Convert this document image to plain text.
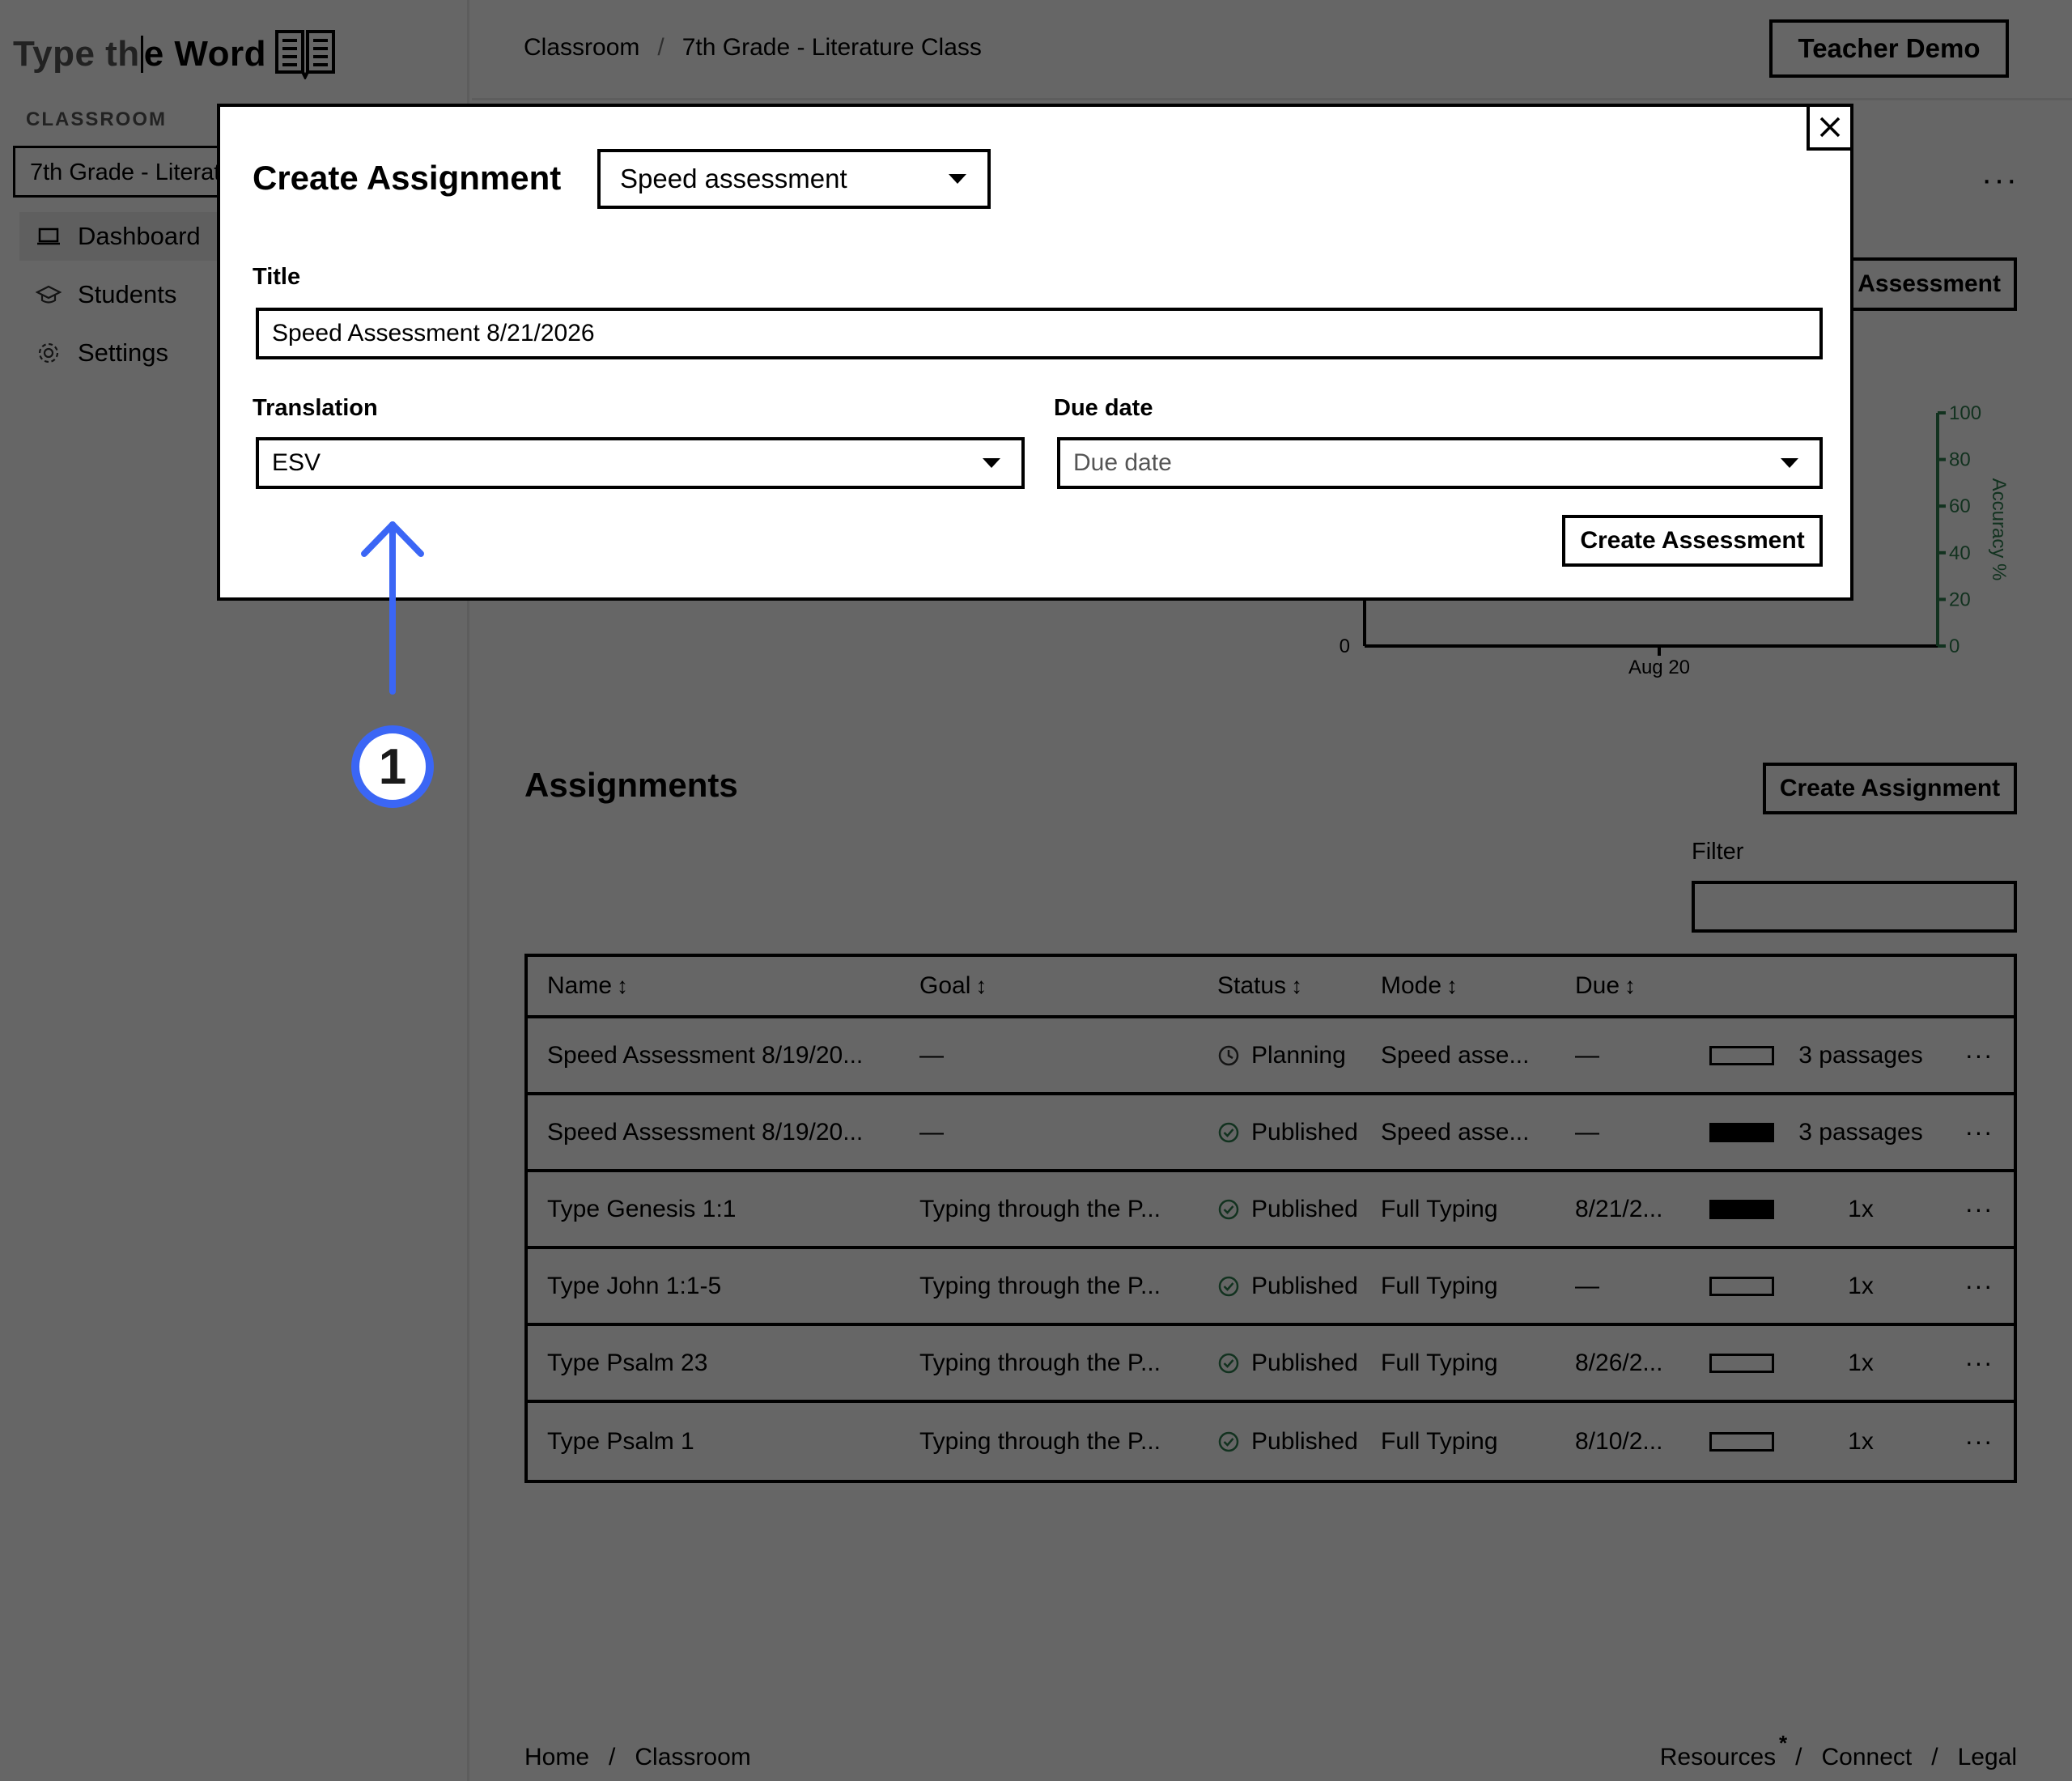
*
Create Assignment Speed assessment
Title
Speed Assessment 8/21/2026
Translation
ESV
Due date
Due date
Create Assessment
1
